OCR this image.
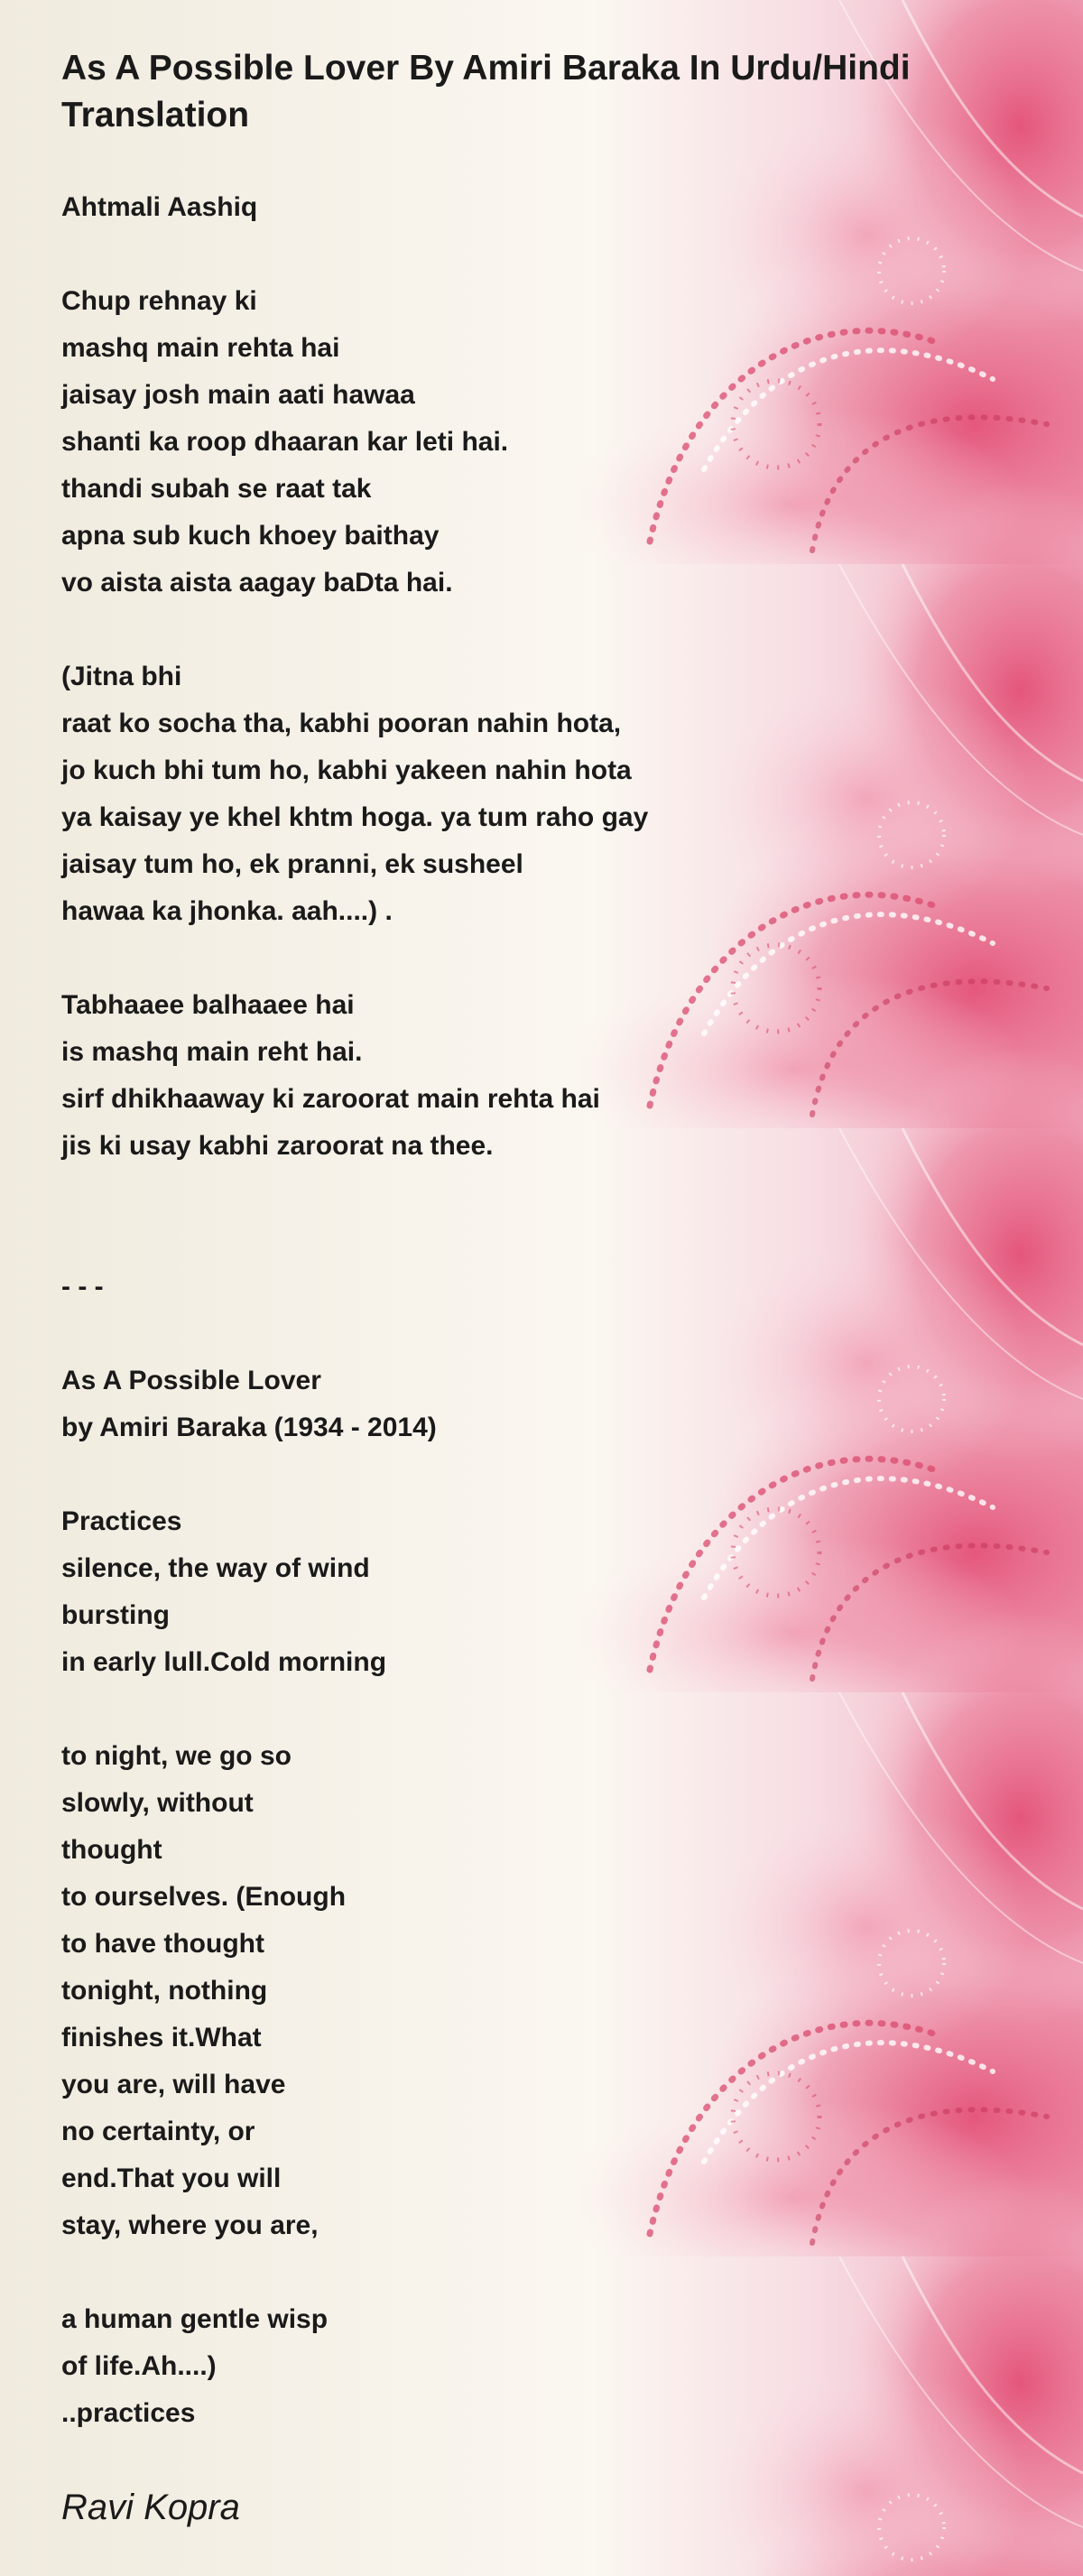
As A Possible Lover By Amiri Baraka In Urdu/Hindi Translation
Ahtmali Aashiq
Chup rehnay ki
mashq main rehta hai
jaisay josh main aati hawaa
shanti ka roop dhaaran kar leti hai.
thandi subah se raat tak
apna sub kuch khoey baithay
vo aista aista aagay baDta hai.
(Jitna bhi
raat ko socha tha, kabhi pooran nahin hota,
jo kuch bhi tum ho, kabhi yakeen nahin hota
ya kaisay ye khel khtm hoga. ya tum raho gay
jaisay tum ho, ek pranni, ek susheel
hawaa ka jhonka. aah....) .
Tabhaaee balhaaee hai
is mashq main reht hai.
sirf dhikhaaway ki zaroorat main rehta hai
jis ki usay kabhi zaroorat na thee.
- - -
As A Possible Lover
by Amiri Baraka (1934 - 2014)
Practices
silence, the way of wind
bursting
in early lull.Cold morning
to night, we go so
slowly, without
thought
to ourselves. (Enough
to have thought
tonight, nothing
finishes it.What
you are, will have
no certainty, or
end.That you will
stay, where you are,
a human gentle wisp
of life.Ah....)
..practices
Ravi Kopra
